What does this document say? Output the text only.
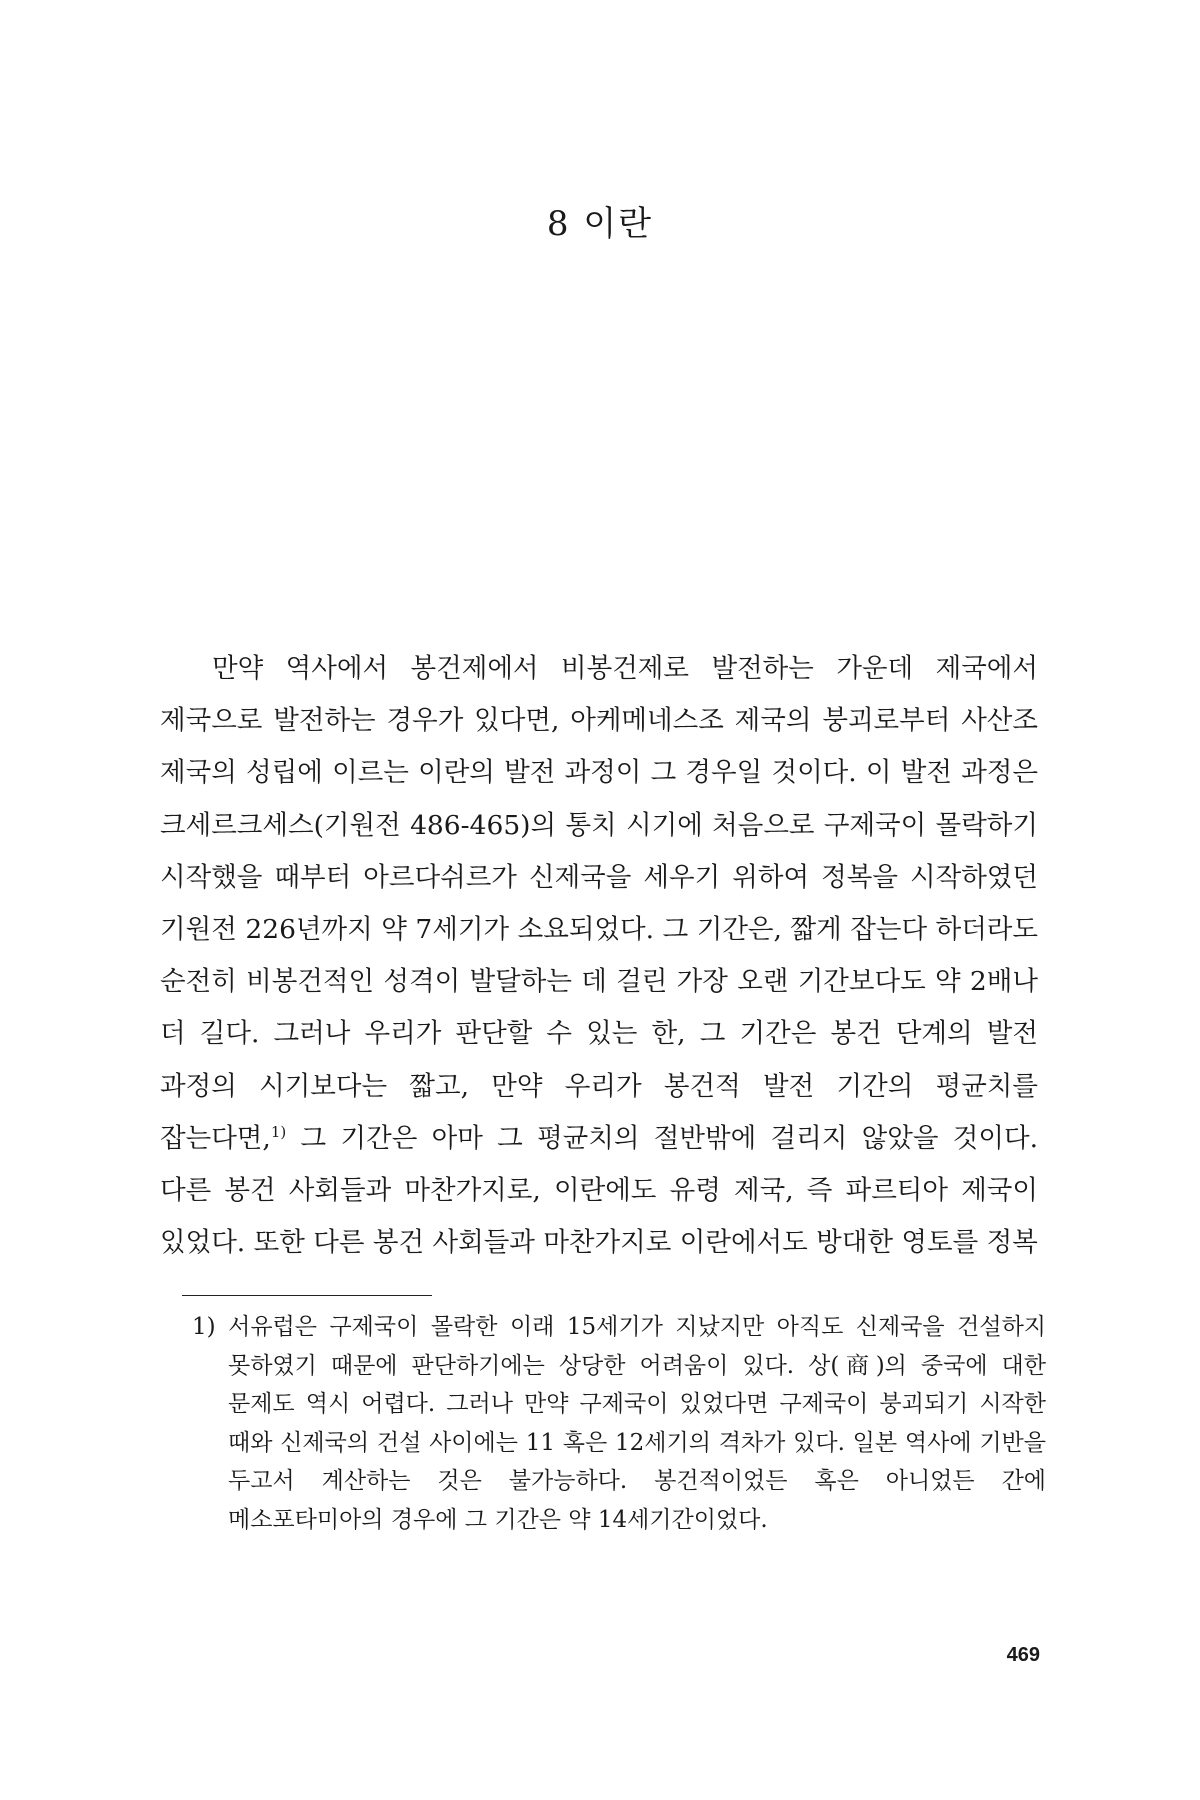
8 이란

만약 역사에서 봉건제에서 비봉건제로 발전하는 가운데 제국에서 제국으로 발전하는 경우가 있다면, 아케메네스조 제국의 붕괴로부터 사산조 제국의 성립에 이르는 이란의 발전 과정이 그 경우일 것이다. 이 발전 과정은 크세르크세스(기원전 486-465)의 통치 시기에 처음으로 구제국이 몰락하기 시작했을 때부터 아르다쉬르가 신제국을 세우기 위하여 정복을 시작하였던 기원전 226년까지 약 7세기가 소요되었다. 그 기간은, 짧게 잡는다 하더라도 순전히 비봉건적인 성격이 발달하는 데 걸린 가장 오랜 기간보다도 약 2배나 더 길다. 그러나 우리가 판단할 수 있는 한, 그 기간은 봉건 단계의 발전 과정의 시기보다는 짧고, 만약 우리가 봉건적 발전 기간의 평균치를 잡는다면,$^{1)}$ 그 기간은 아마 그 평균치의 절반밖에 걸리지 않았을 것이다. 다른 봉건 사회들과 마찬가지로, 이란에도 유령 제국, 즉 파르티아 제국이 있었다. 또한 다른 봉건 사회들과 마찬가지로 이란에서도 방대한 영토를 정복

1) 서유럽은 구제국이 몰락한 이래 15세기가 지났지만 아직도 신제국을 건설하지 못하였기 때문에 판단하기에는 상당한 어려움이 있다. 상(商)의 중국에 대한 문제도 역시 어렵다. 그러나 만약 구제국이 있었다면 구제국이 붕괴되기 시작한 때와 신제국의 건설 사이에는 11 혹은 12세기의 격차가 있다. 일본 역사에 기반을 두고서 계산하는 것은 불가능하다. 봉건적이었든 혹은 아니었든 간에 메소포타미아의 경우에 그 기간은 약 14세기간이었다.

469
